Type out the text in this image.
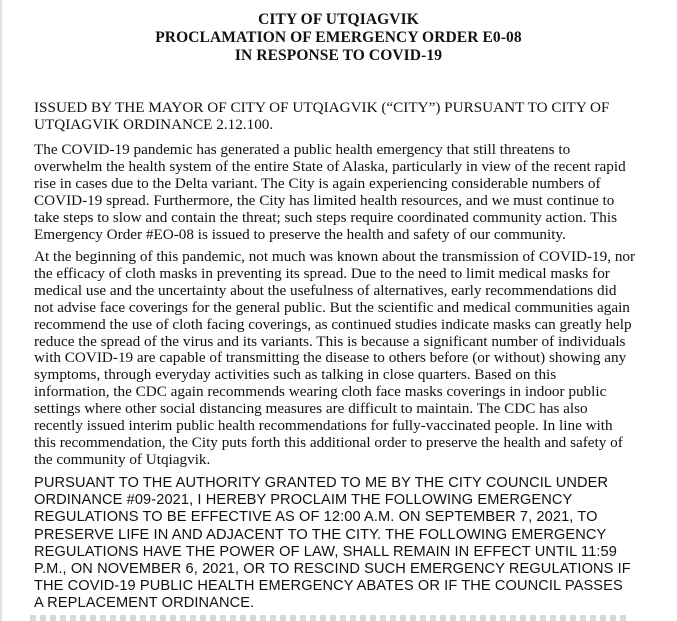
CITY OF UTQIAGVIK
PROCLAMATION OF EMERGENCY ORDER E0-08
IN RESPONSE TO COVID-19
ISSUED BY THE MAYOR OF CITY OF UTQIAGVIK (“CITY”) PURSUANT TO CITY OF
UTQIAGVIK ORDINANCE 2.12.100.
The COVID-19 pandemic has generated a public health emergency that still threatens to
overwhelm the health system of the entire State of Alaska, particularly in view of the recent rapid
rise in cases due to the Delta variant. The City is again experiencing considerable numbers of
COVID-19 spread. Furthermore, the City has limited health resources, and we must continue to
take steps to slow and contain the threat; such steps require coordinated community action. This
Emergency Order #EO-08 is issued to preserve the health and safety of our community.
At the beginning of this pandemic, not much was known about the transmission of COVID-19, nor
the efficacy of cloth masks in preventing its spread. Due to the need to limit medical masks for
medical use and the uncertainty about the usefulness of alternatives, early recommendations did
not advise face coverings for the general public. But the scientific and medical communities again
recommend the use of cloth facing coverings, as continued studies indicate masks can greatly help
reduce the spread of the virus and its variants. This is because a significant number of individuals
with COVID-19 are capable of transmitting the disease to others before (or without) showing any
symptoms, through everyday activities such as talking in close quarters. Based on this
information, the CDC again recommends wearing cloth face masks coverings in indoor public
settings where other social distancing measures are difficult to maintain. The CDC has also
recently issued interim public health recommendations for fully-vaccinated people. In line with
this recommendation, the City puts forth this additional order to preserve the health and safety of
the community of Utqiagvik.
PURSUANT TO THE AUTHORITY GRANTED TO ME BY THE CITY COUNCIL UNDER
ORDINANCE #09-2021, I HEREBY PROCLAIM THE FOLLOWING EMERGENCY
REGULATIONS TO BE EFFECTIVE AS OF 12:00 A.M. ON SEPTEMBER 7, 2021, TO
PRESERVE LIFE IN AND ADJACENT TO THE CITY. THE FOLLOWING EMERGENCY
REGULATIONS HAVE THE POWER OF LAW, SHALL REMAIN IN EFFECT UNTIL 11:59
P.M., ON NOVEMBER 6, 2021, OR TO RESCIND SUCH EMERGENCY REGULATIONS IF
THE COVID-19 PUBLIC HEALTH EMERGENCY ABATES OR IF THE COUNCIL PASSES
A REPLACEMENT ORDINANCE.
